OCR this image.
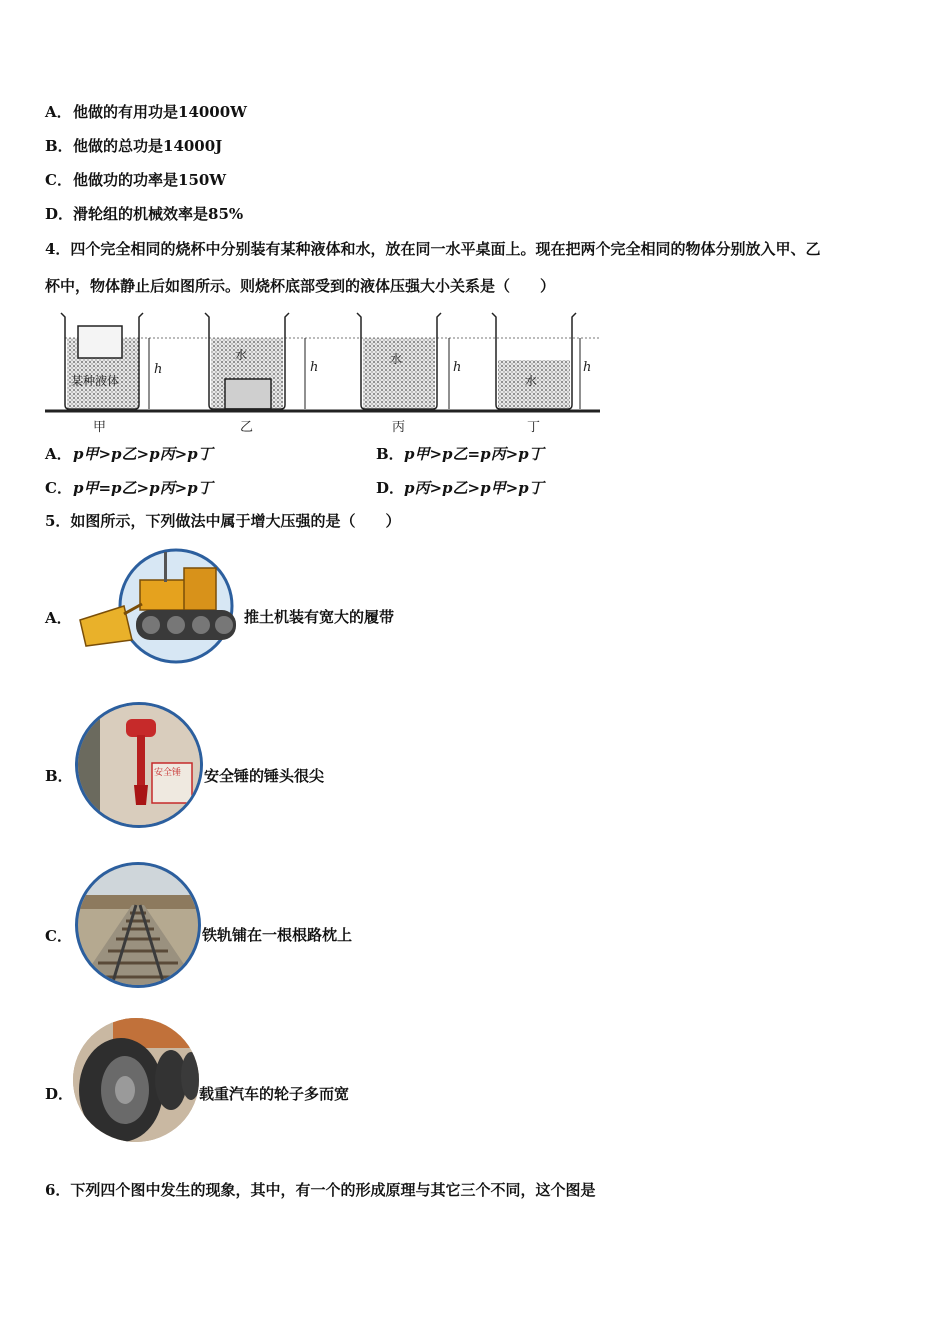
A．他做的有用功是14000W
B．他做的总功是14000J
C．他做功的功率是150W
D．滑轮组的机械效率是85%
4．四个完全相同的烧杯中分别装有某种液体和水，放在同一水平桌面上。现在把两个完全相同的物体分别放入甲、乙
杯中，物体静止后如图所示。则烧杯底部受到的液体压强大小关系是（　　）
某种液体
水	水
水
h	h	h	h
甲	乙	丙	丁
A．p甲>p乙>p丙>p丁	B．p甲>p乙=p丙>p丁
C．p甲=p乙>p丙>p丁	D．p丙>p乙>p甲>p丁
5．如图所示，下列做法中属于增大压强的是（　　）
A．	推土机装有宽大的履带
B．	安全锤 安全锤的锤头很尖
C．	铁轨铺在一根根路枕上
D．	载重汽车的轮子多而宽
6．下列四个图中发生的现象，其中，有一个的形成原理与其它三个不同，这个图是
